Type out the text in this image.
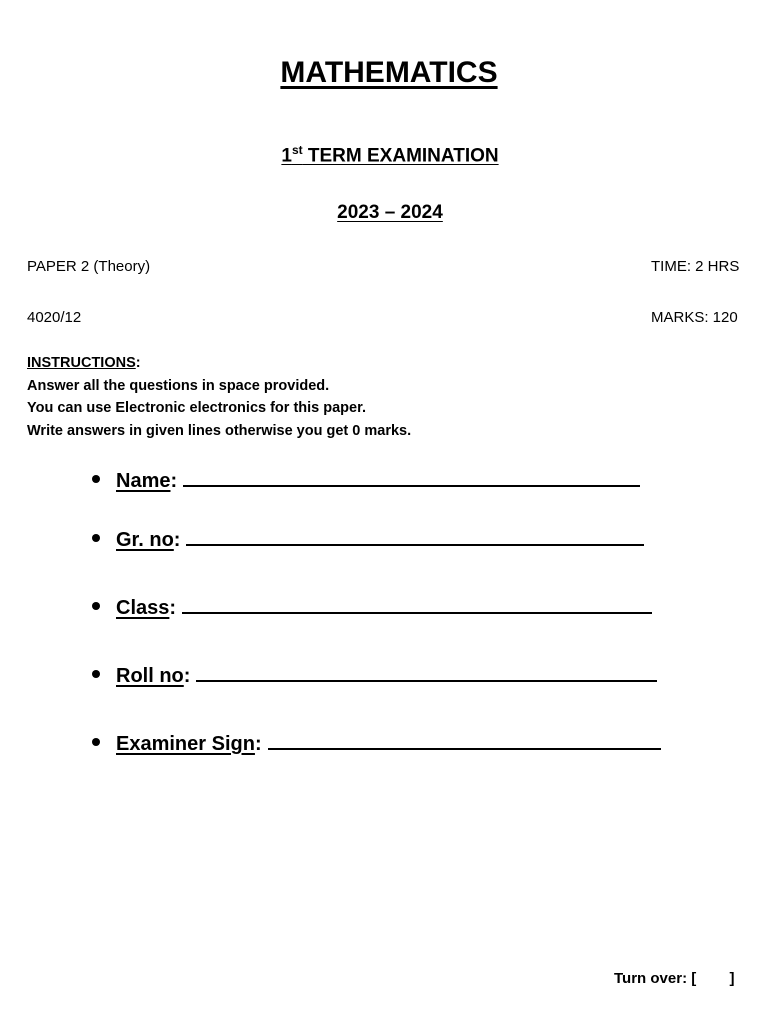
MATHEMATICS
1st TERM EXAMINATION
2023 – 2024
PAPER 2 (Theory)	TIME: 2 HRS
4020/12	MARKS: 120
INSTRUCTIONS:
Answer all the questions in space provided.
You can use Electronic electronics for this paper.
Write answers in given lines otherwise you get 0 marks.
Name :
Gr. no :
Class :
Roll no :
Examiner Sign :
Turn over: [        ]
